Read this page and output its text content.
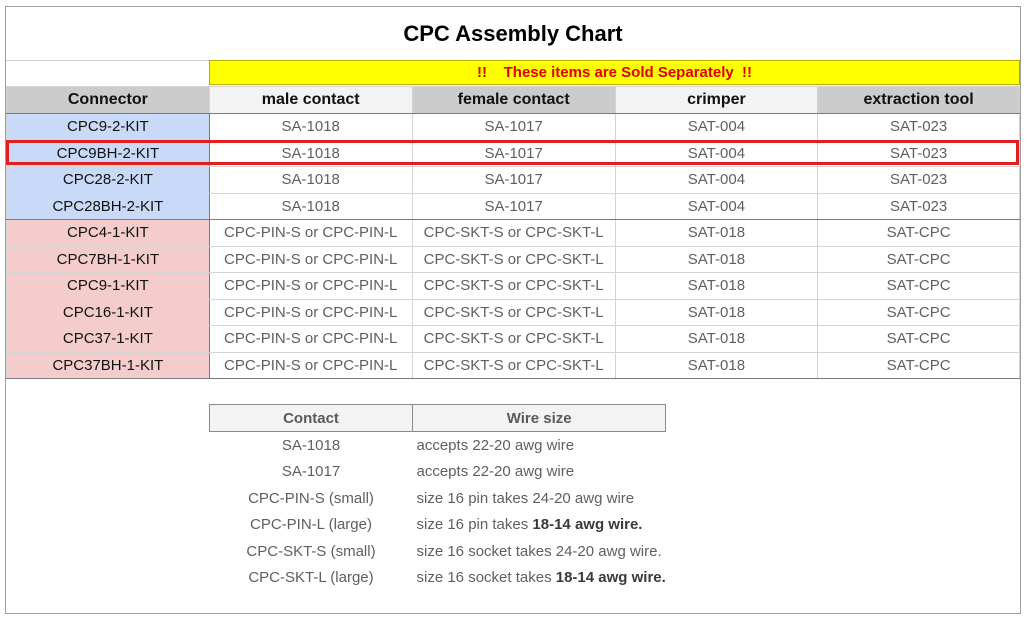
CPC Assembly Chart
!!    These items are Sold Separately  !!
Connector	male contact	female contact	crimper	extraction tool
CPC9-2-KIT	SA-1018	SA-1017	SAT-004	SAT-023
CPC9BH-2-KIT	SA-1018	SA-1017	SAT-004	SAT-023
CPC28-2-KIT	SA-1018	SA-1017	SAT-004	SAT-023
CPC28BH-2-KIT	SA-1018	SA-1017	SAT-004	SAT-023
CPC4-1-KIT	CPC-PIN-S or CPC-PIN-L	CPC-SKT-S or CPC-SKT-L	SAT-018	SAT-CPC
CPC7BH-1-KIT	CPC-PIN-S or CPC-PIN-L	CPC-SKT-S or CPC-SKT-L	SAT-018	SAT-CPC
CPC9-1-KIT	CPC-PIN-S or CPC-PIN-L	CPC-SKT-S or CPC-SKT-L	SAT-018	SAT-CPC
CPC16-1-KIT	CPC-PIN-S or CPC-PIN-L	CPC-SKT-S or CPC-SKT-L	SAT-018	SAT-CPC
CPC37-1-KIT	CPC-PIN-S or CPC-PIN-L	CPC-SKT-S or CPC-SKT-L	SAT-018	SAT-CPC
CPC37BH-1-KIT	CPC-PIN-S or CPC-PIN-L	CPC-SKT-S or CPC-SKT-L	SAT-018	SAT-CPC
Contact	Wire size
SA-1018	accepts 22-20 awg wire
SA-1017	accepts 22-20 awg wire
CPC-PIN-S (small)	size 16 pin takes 24-20 awg wire
CPC-PIN-L (large)	size 16 pin takes 18-14 awg wire.
CPC-SKT-S (small)	size 16 socket takes 24-20 awg wire.
CPC-SKT-L (large)	size 16 socket takes 18-14 awg wire.
